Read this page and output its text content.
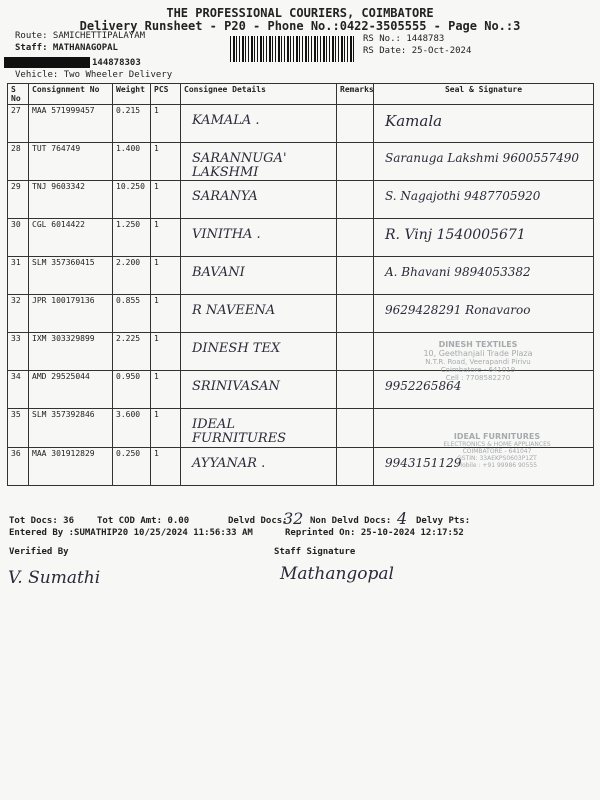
THE PROFESSIONAL COURIERS, COIMBATORE
Delivery Runsheet - P20 - Phone No.:0422-3505555 - Page No.:3
Route: SAMICHETTIPALAYAM
Staff: MATHANAGOPAL
RS No.: 1448783
RS Date: 25-Oct-2024
144878303
Vehicle: Two Wheeler Delivery
S No	Consignment No	Weight	PCS	Consignee Details	Remarks	Seal & Signature
27	MAA 571999457	0.215	1	KAMALA .		Kamala
28	TUT 764749	1.400	1	SARANNUGA' LAKSHMI		Saranuga Lakshmi 9600557490
29	TNJ 9603342	10.250	1	SARANYA		S. Nagajothi 9487705920
30	CGL 6014422	1.250	1	VINITHA .		R. Vinj 1540005671
31	SLM 357360415	2.200	1	BAVANI		A. Bhavani 9894053382
32	JPR 100179136	0.855	1	R NAVEENA		9629428291 Ronavaroo
33	IXM 303329899	2.225	1	DINESH TEX		
34	AMD 29525044	0.950	1	SRINIVASAN		9952265864
35	SLM 357392846	3.600	1	IDEAL FURNITURES		
36	MAA 301912829	0.250	1	AYYANAR .		9943151129
DINESH TEXTILES
10, Geethanjali Trade Plaza
N.T.R. Road, Veerapandi Pirivu
Coimbatore - 641019
Cell : 7708582270
IDEAL FURNITURES
ELECTRONICS & HOME APPLIANCES
COIMBATORE - 641047
GSTIN: 33AEKPS0603P1ZT
Mobile : +91 99986 90555
Tot Docs: 36	Tot COD Amt: 0.00	Delvd Docs:
32 Non Delvd Docs: 4 Delvy Pts:
Entered By :SUMATHIP20 10/25/2024 11:56:33 AM	Reprinted On: 25-10-2024 12:17:52
Verified By	Staff Signature
V. Sumathi	Mathangopal
